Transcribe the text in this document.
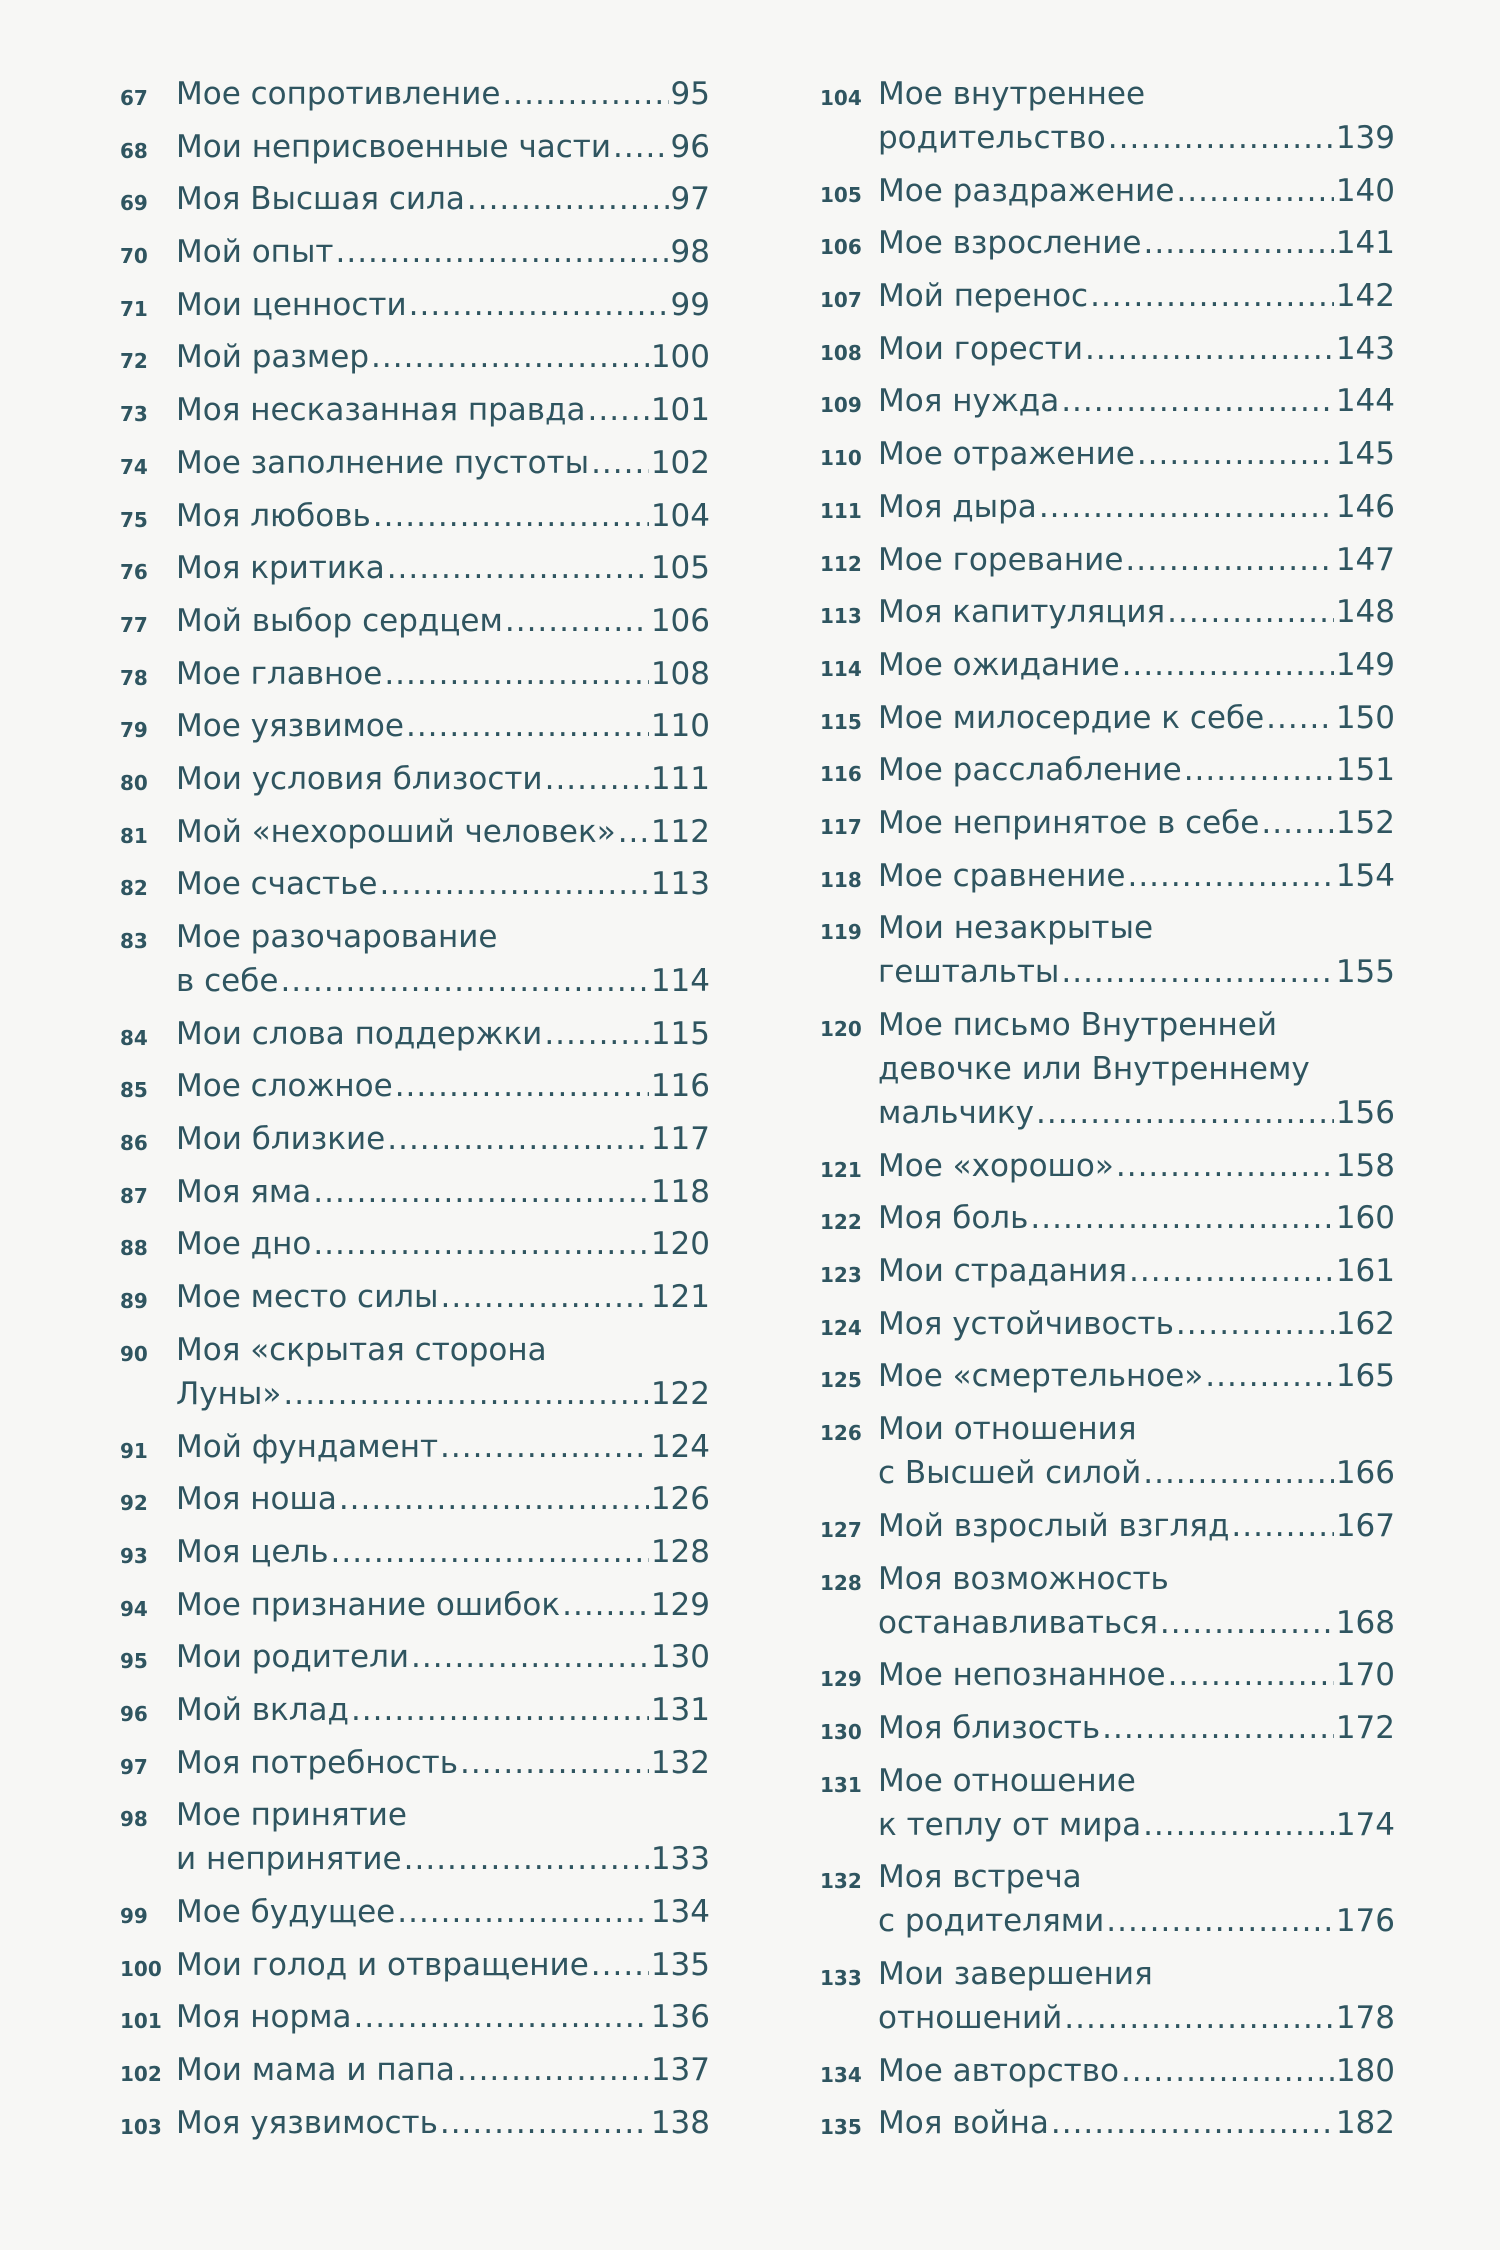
67 Мое сопротивление .....	95
68 Мои неприсвоенные части ..... 96
69 Моя Высшая сила .....	97
70 Мой опыт .....	98
71 Мои ценности .....	99
72 Мой размер .....	100
73 Моя несказанная правда ..... 101
74 Мое заполнение пустоты ..... 102
75 Моя любовь .....	104
76 Моя критика .....	105
77 Мой выбор сердцем .....	106
78 Мое главное .....	108
79 Мое уязвимое .....	110
80 Мои условия близости .....	111
81 Мой «нехороший человек» ..... 112
82 Мое счастье .....	113
83 Мое разочарование
в себе .....	114
84 Мои слова поддержки .....	115
85 Мое сложное .....	116
86 Мои близкие .....	117
87 Моя яма .....	118
88 Мое дно .....	120
89 Мое место силы .....	121
90 Моя «скрытая сторона
Луны» .....	122
91 Мой фундамент .....	124
92 Моя ноша .....	126
93 Моя цель .....	128
94 Мое признание ошибок .....	129
95 Мои родители .....	130
96 Мой вклад .....	131
97 Моя потребность .....	132
98 Мое принятие
и непринятие .....	133
99 Мое будущее .....	134
100 Мои голод и отвращение ..... 135
101 Моя норма .....	136
102 Мои мама и папа .....	137
103 Моя уязвимость .....	138
104 Мое внутреннее
родительство .....	139
105 Мое раздражение .....	140
106 Мое взросление .....	141
107 Мой перенос .....	142
108 Мои горести .....	143
109 Моя нужда .....	144
110 Мое отражение .....	145
111 Моя дыра .....	146
112 Мое горевание .....	147
113 Моя капитуляция .....	148
114 Мое ожидание .....	149
115 Мое милосердие к себе ..... 150
116 Мое расслабление .....	151
117 Мое непринятое в себе ..... 152
118 Мое сравнение .....	154
119 Мои незакрытые
гештальты .....	155
120 Мое письмо Внутренней
девочке или Внутреннему
мальчику .....	156
121 Мое «хорошо» .....	158
122 Моя боль .....	160
123 Мои страдания .....	161
124 Моя устойчивость .....	162
125 Мое «смертельное» .....	165
126 Мои отношения
с Высшей силой .....	166
127 Мой взрослый взгляд .....	167
128 Моя возможность
останавливаться .....	168
129 Мое непознанное .....	170
130 Моя близость .....	172
131 Мое отношение
к теплу от мира .....	174
132 Моя встреча
с родителями .....	176
133 Мои завершения
отношений .....	178
134 Мое авторство .....	180
135 Моя война .....	182
